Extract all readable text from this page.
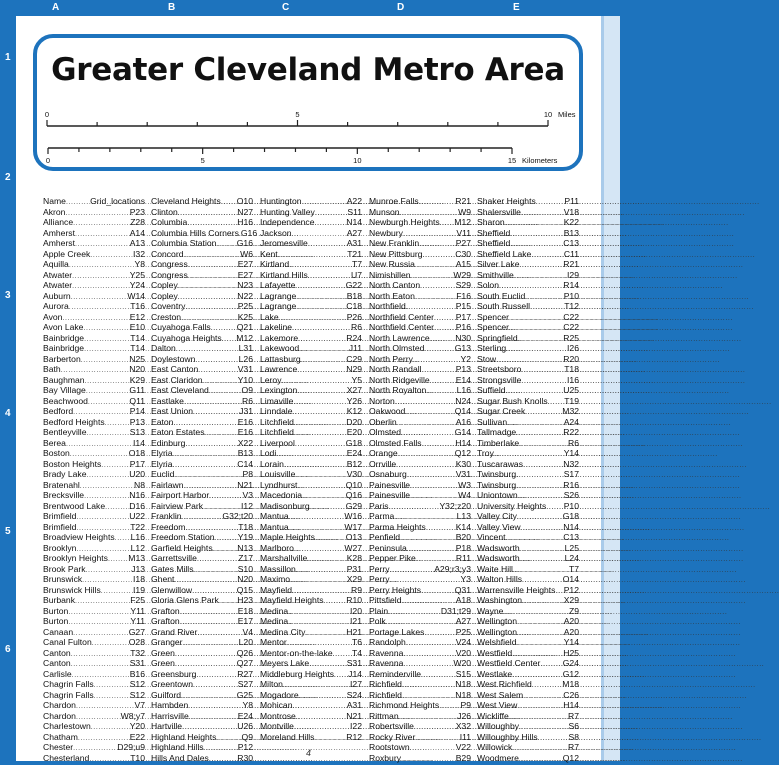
A	B	C	D	E
1
2
3
4
5
6
Greater Cleveland Metro Area
0	5	10 Miles
0	5	10	15 Kilometers
Name .....	Grid_locations
Akron .....	P23
Alliance .....	Z28
Amherst .....	A14
Amherst .....	A13
Apple Creek .....	I32
Aquilla .....	Y8
Atwater .....	Y25
Atwater .....	Y24
Auburn .....	W14
Aurora .....	T16
Avon .....	E12
Avon Lake .....	E10
Bainbridge .....	T14
Bainbridge .....	T14
Barberton .....	N25
Bath .....	N20
Baughman .....	K29
Bay Village .....	G11
Beachwood .....	Q11
Bedford .....	P14
Bedford Heights .....	P13
Bentleyville .....	S13
Berea .....	I14
Boston .....	O18
Boston Heights .....	P17
Brady Lake .....	U20
Bratenahl .....	N8
Brecksville .....	N16
Brentwood Lake .....	D16
Brimfield .....	U22
Brimfield .....	T22
Broadview Heights ..... L16
Brooklyn .....	L12
Brooklyn Heights ..... M13
Brook Park .....	J13
Brunswick .....	I18
Brunswick Hills .....	I19
Burbank .....	F25
Burton .....	Y11
Burton .....	Y11
Canaan .....	G27
Canal Fulton .....	O28
Canton .....	T32
Canton .....	S31
Carlisle .....	B16
Chagrin Falls .....	S12
Chagrin Falls .....	S12
Chardon .....	V7
Chardon .....	W8;y7
Charlestown .....	Y20
Chatham .....	E22
Chester .....	D29;u9
Chesterland .....	T10
Cleveland Heights ..... O10
Clinton .....	N27
Columbia .....	H16
Columbia Hills Corners ..... G16
Columbia Station ..... G16
Concord .....	W6
Congress .....	E27
Congress .....	E27
Copley .....	N23
Copley .....	N22
Coventry .....	P25
Creston .....	K25
Cuyahoga Falls .....	Q21
Cuyahoga Heights ..... M12
Dalton .....	L31
Doylestown .....	L26
East Canton .....	V31
East Claridon .....	Y10
East Cleveland .....	O9
Eastlake .....	R6
East Union .....	J31
Eaton .....	E16
Eaton Estates .....	E16
Edinburg .....	X22
Elyria .....	B13
Elyria .....	C14
Euclid .....	P8
Fairlawn .....	N21
Fairport Harbor .....	V3
Fairview Park .....	I12
Franklin .....	G32;t20
Freedom .....	T18
Freedom Station .....	Y19
Garfield Heights .....	N13
Garrettsville .....	Z17
Gates Mills .....	S10
Ghent .....	N20
Glenwillow .....	Q15
Gloria Glens Park ..... H23
Grafton .....	E18
Grafton .....	E17
Grand River .....	V4
Granger .....	L20
Green .....	Q26
Green .....	Q27
Greensburg .....	R27
Greentown .....	S27
Guilford .....	G25
Hambden .....	Y8
Harrisville .....	E24
Hartville .....	U26
Highland Heights .....	Q9
Highland Hills .....	P12
Hills And Dales .....	R30
Huntington .....	A22
Hunting Valley .....	S11
Independence .....	N14
Jackson .....	A27
Jeromesville .....	A31
Kent .....	T21
Kirtland .....	T7
Kirtland Hills .....	U7
Lafayette .....	G22
Lagrange .....	B18
Lagrange .....	C18
Lake .....	P26
Lakeline .....	R6
Lakemore .....	R24
Lakewood .....	J11
Lattasburg .....	C29
Lawrence .....	N29
Leroy .....	Y5
Lexington .....	X27
Limaville .....	Y26
Linndale .....	K12
Litchfield .....	D20
Litchfield .....	E20
Liverpool .....	G18
Lodi .....	E24
Lorain .....	B12
Louisville .....	V30
Lyndhurst .....	Q10
Macedonia .....	Q16
Madisonburg .....	G29
Mantua .....	W16
Mantua .....	W17
Maple Heights .....	O13
Marlboro .....	W27
Marshallville .....	K28
Massillon .....	P31
Maximo .....	X29
Mayfield .....	R9
Mayfield Heights .....	R10
Medina .....	I20
Medina .....	I21
Medina City .....	H21
Mentor .....	T6
Mentor-on-the-lake ..... T4
Meyers Lake .....	S31
Middleburg Heights ..... J14
Milton .....	I27
Mogadore .....	S24
Mohican .....	A31
Montrose .....	N21
Montville .....	I22
Moreland Hills .....	R12
Munroe Falls .....	R21
Munson .....	W9
Newburgh Heights ..... M12
Newbury .....	V11
New Franklin .....	P27
New Pittsburg .....	C30
New Russia .....	A15
Nimishillen .....	W29
North Canton .....	S29
North Eaton .....	F16
Northfield .....	P15
Northfield Center .....	P17
Northfield Center .....	P16
North Lawrence .....	N30
North Olmsted .....	G13
North Perry .....	Y2
North Randall .....	P13
North Ridgeville .....	E14
North Royalton .....	L16
Norton .....	N24
Oakwood .....	Q14
Oberlin .....	A16
Olmsted .....	G14
Olmsted Falls .....	H14
Orange .....	Q12
Orrville .....	K30
Osnaburg .....	V31
Painesville .....	W3
Painesville .....	W4
Paris .....	Y32;z20
Parma .....	L13
Parma Heights .....	K14
Penfield .....	B20
Peninsula .....	P18
Pepper Pike .....	R11
Perry .....	A29;r3;y3
Perry .....	Y3
Perry Heights .....	Q31
Pittsfield .....	A18
Plain .....	D31;t29
Polk .....	A27
Portage Lakes .....	P25
Randolph .....	V24
Ravenna .....	V20
Ravenna .....	W20
Reminderville .....	S15
Richfield .....	N18
Richfield .....	N18
Richmond Heights ..... P9
Rittman .....	J26
Robertsville .....	X32
Rocky River .....	I11
Rootstown .....	V22
Roxbury .....	B29
Shaker Heights .....	P11
Shalersville .....	V18
Sharon .....	K22
Sheffield .....	B13
Sheffield .....	C13
Sheffield Lake .....	C11
Silver Lake .....	R21
Smithville .....	I29
Solon .....	R14
South Euclid .....	P10
South Russell .....	T12
Spencer .....	C22
Spencer .....	C22
Springfield .....	R25
Sterling .....	I26
Stow .....	R20
Streetsboro .....	T18
Strongsville .....	I16
Suffield .....	U25
Sugar Bush Knolls ..... T19
Sugar Creek .....	M32
Sullivan .....	A24
Tallmadge .....	R22
Timberlake .....	R6
Troy .....	Y14
Tuscarawas .....	N32
Twinsburg .....	S17
Twinsburg .....	R16
Uniontown .....	S26
University Heights ..... P10
Valley City .....	G18
Valley View .....	N14
Vincent .....	C13
Wadsworth .....	L25
Wadsworth .....	L24
Waite Hill .....	T7
Walton Hills .....	O14
Warrensville Heights ..... P12
Washington .....	X29
Wayne .....	Z9
Wellington .....	A20
Wellington .....	A20
Welshfield .....	Y14
Westfield .....	H25
Westfield Center .....	G24
Westlake .....	G12
West Richfield .....	M18
West Salem .....	C26
West View .....	H14
Wickliffe .....	R7
Willoughby .....	S6
Willoughby Hills .....	S8
Willowick .....	R7
Woodmere .....	Q12
4
